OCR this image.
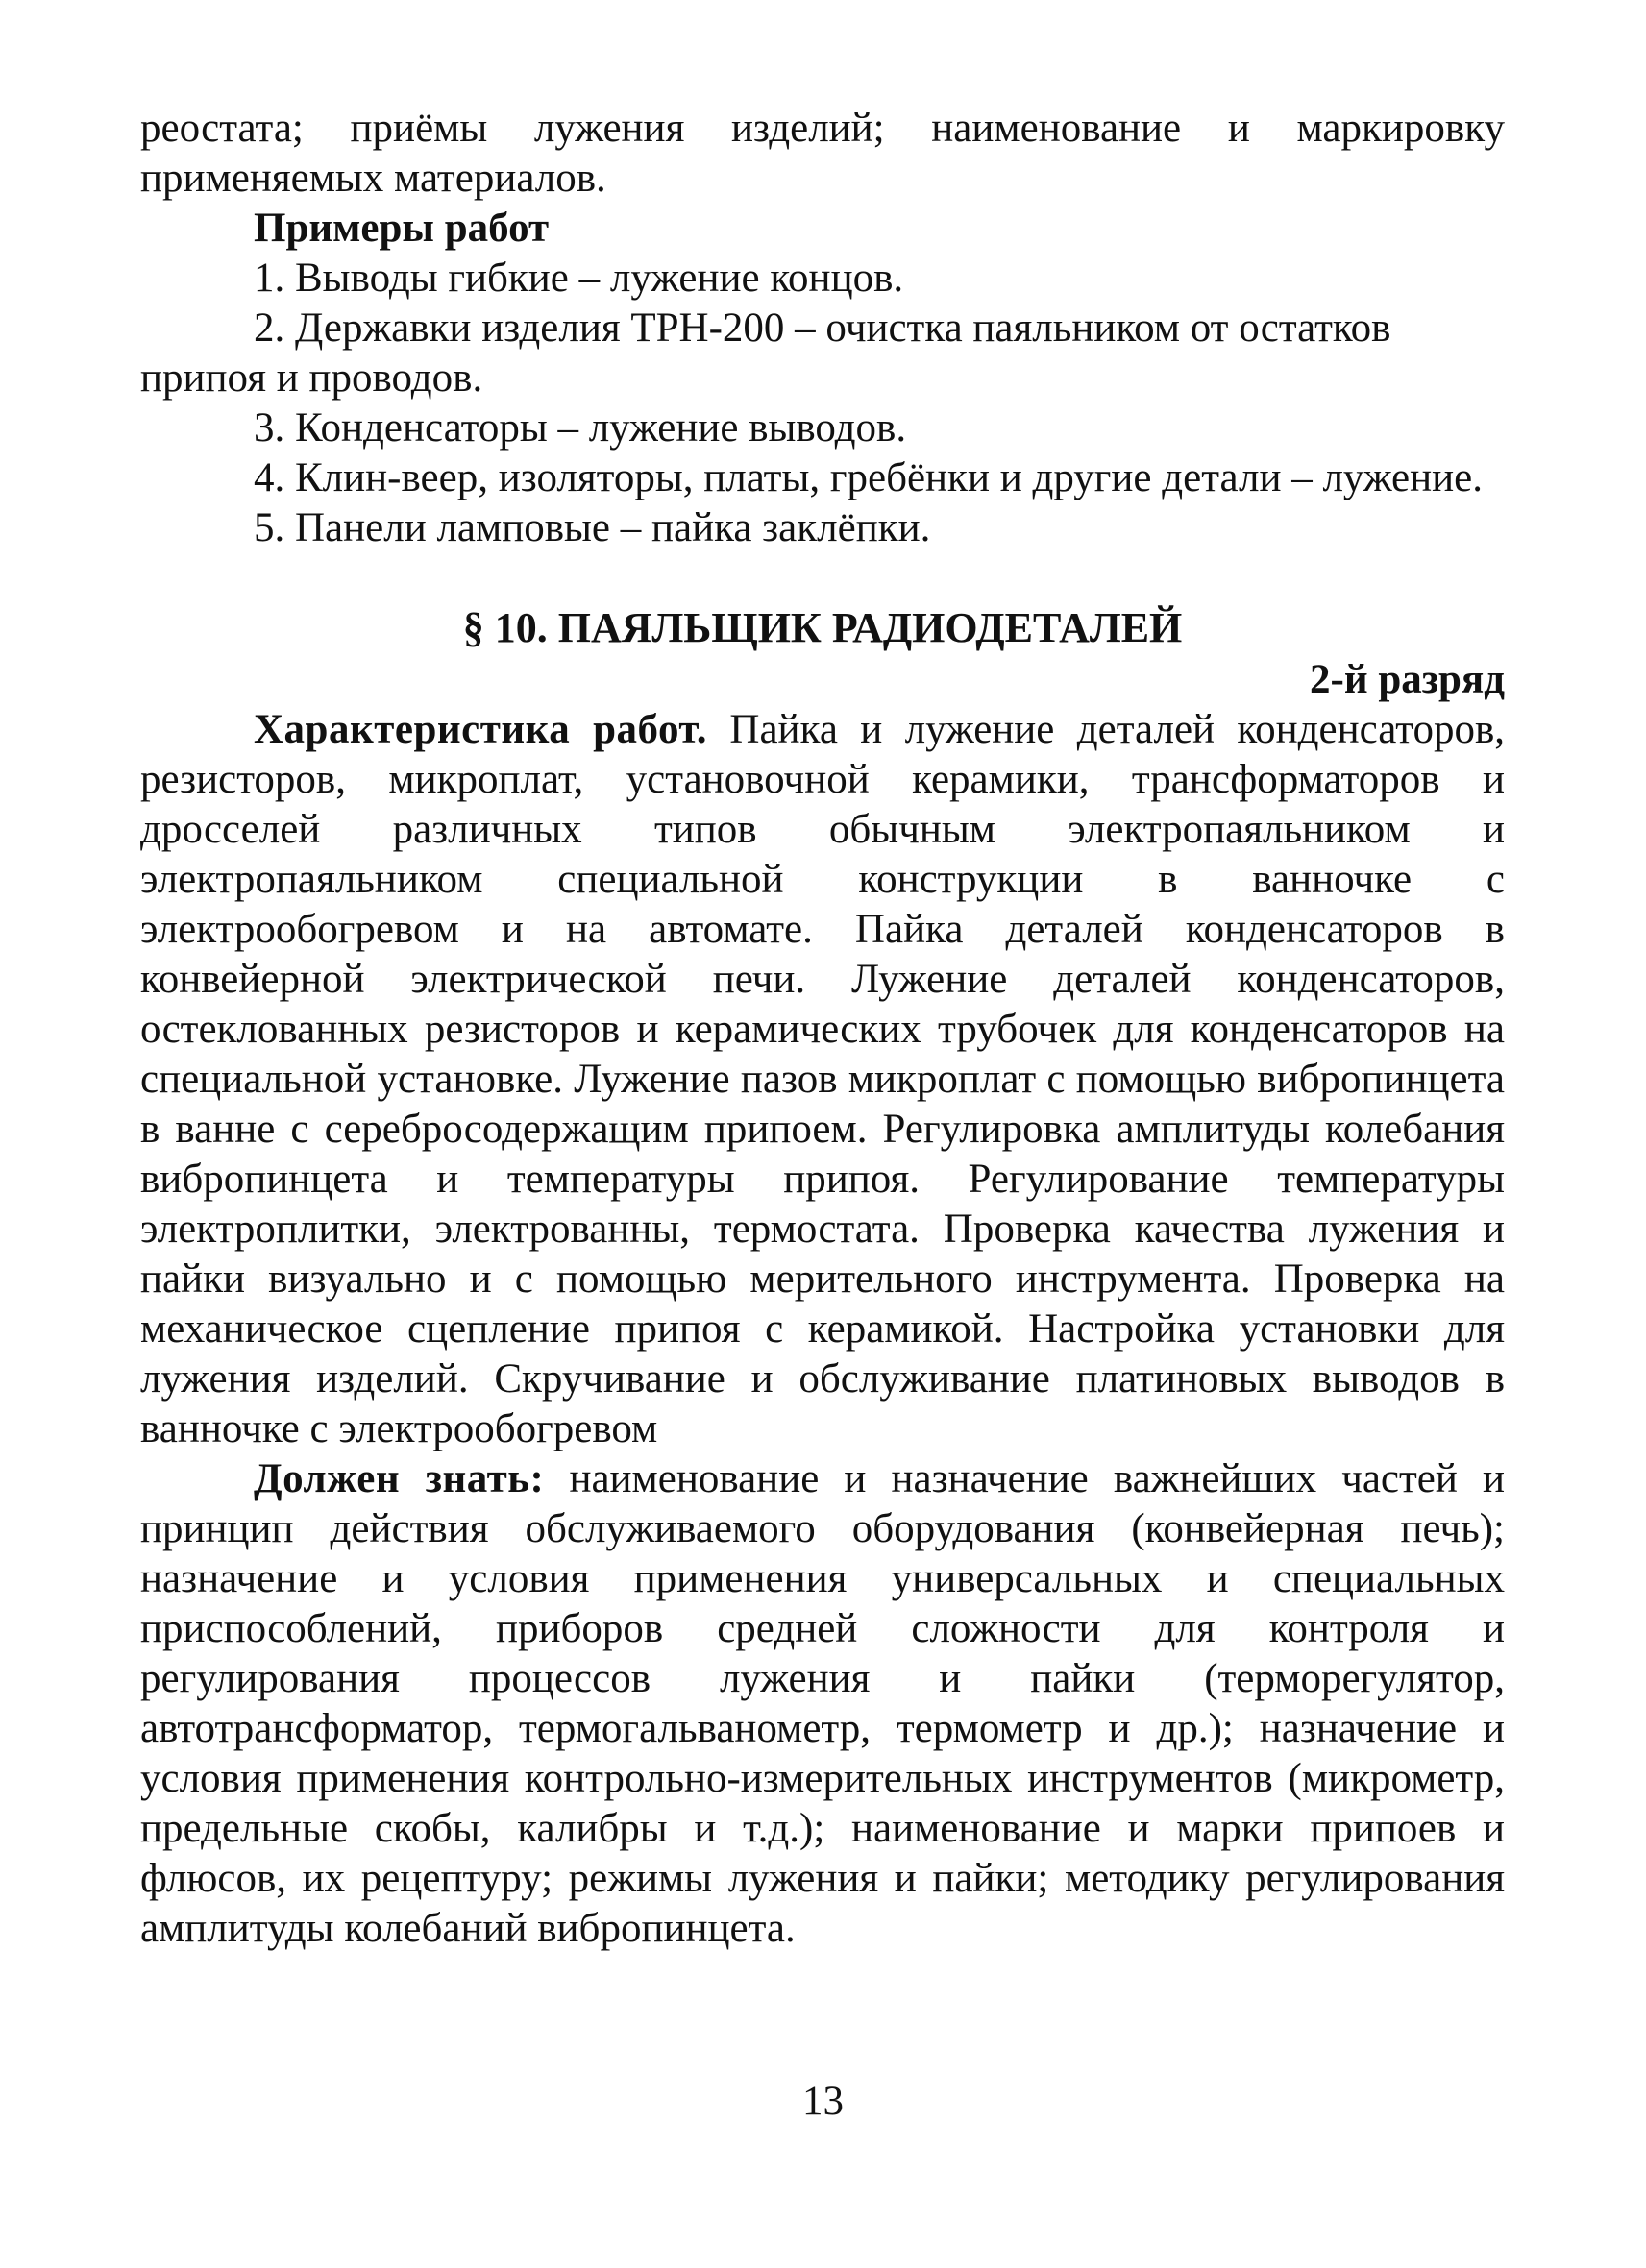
реостата; приёмы лужения изделий; наименование и маркировку применяемых материалов.

Примеры работ

1. Выводы гибкие – лужение концов.

2. Державки изделия ТРН-200 – очистка паяльником от остатков припоя и проводов.

3. Конденсаторы – лужение выводов.

4. Клин-веер, изоляторы, платы, гребёнки и другие детали – лужение.

5. Панели ламповые – пайка заклёпки.

§ 10. ПАЯЛЬЩИК РАДИОДЕТАЛЕЙ

2-й разряд

Характеристика работ. Пайка и лужение деталей конденсаторов, резисторов, микроплат, установочной керамики, трансформаторов и дросселей различных типов обычным электропаяльником и электропаяльником специальной конструкции в ванночке с электрообогревом и на автомате. Пайка деталей конденсаторов в конвейерной электрической печи. Лужение деталей конденсаторов, остеклованных резисторов и керамических трубочек для конденсаторов на специальной установке. Лужение пазов микроплат с помощью вибропинцета в ванне с серебросодержащим припоем. Регулировка амплитуды колебания вибропинцета и температуры припоя. Регулирование температуры электроплитки, электрованны, термостата. Проверка качества лужения и пайки визуально и с помощью мерительного инструмента. Проверка на механическое сцепление припоя с керамикой. Настройка установки для лужения изделий. Скручивание и обслуживание платиновых выводов в ванночке с электрообогревом

Должен знать: наименование и назначение важнейших частей и принцип действия обслуживаемого оборудования (конвейерная печь); назначение и условия применения универсальных и специальных приспособлений, приборов средней сложности для контроля и регулирования процессов лужения и пайки (терморегулятор, автотрансформатор, термогальванометр, термометр и др.); назначение и условия применения контрольно-измерительных инструментов (микрометр, предельные скобы, калибры и т.д.); наименование и марки припоев и флюсов, их рецептуру; режимы лужения и пайки; методику регулирования амплитуды колебаний вибропинцета.

13
